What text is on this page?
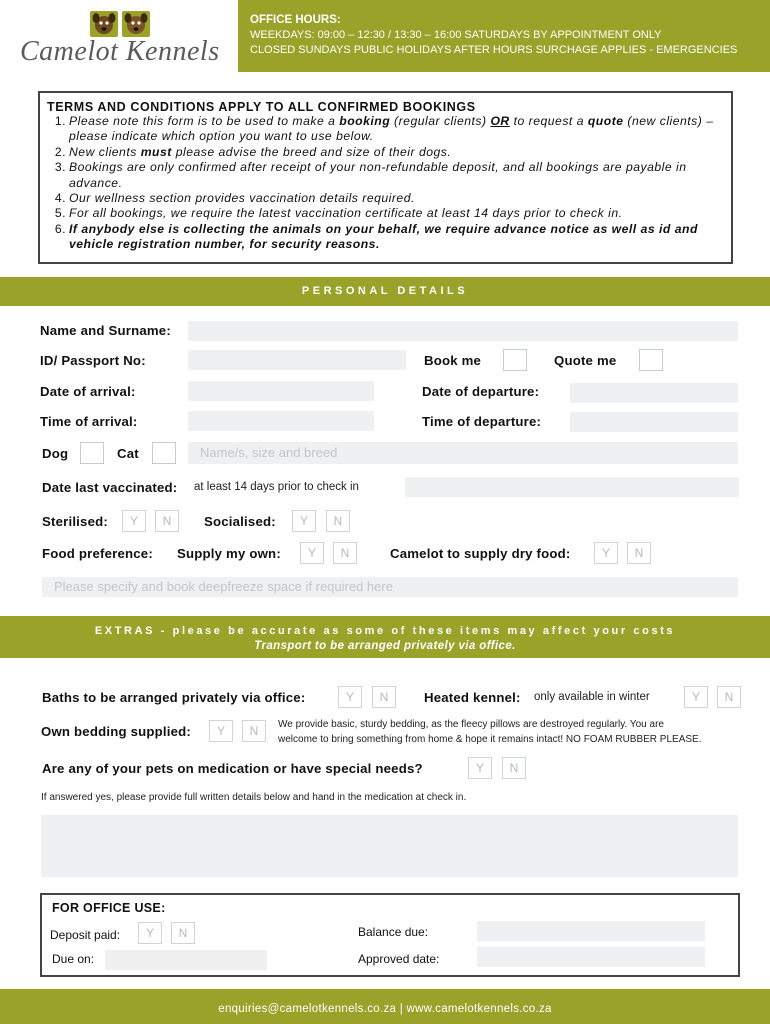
Camelot Kennels
OFFICE HOURS:
WEEKDAYS: 09:00 – 12:30 / 13:30 – 16:00 SATURDAYS BY APPOINTMENT ONLY
CLOSED SUNDAYS PUBLIC HOLIDAYS AFTER HOURS SURCHAGE APPLIES - EMERGENCIES
TERMS AND CONDITIONS APPLY TO ALL CONFIRMED BOOKINGS
1. Please note this form is to be used to make a booking (regular clients) OR to request a quote (new clients) – please indicate which option you want to use below.
2. New clients must please advise the breed and size of their dogs.
3. Bookings are only confirmed after receipt of your non-refundable deposit, and all bookings are payable in advance.
4. Our wellness section provides vaccination details required.
5. For all bookings, we require the latest vaccination certificate at least 14 days prior to check in.
6. If anybody else is collecting the animals on your behalf, we require advance notice as well as id and vehicle registration number, for security reasons.
PERSONAL DETAILS
Name and Surname:
ID/ Passport No:	Book me	Quote me
Date of arrival:	Date of departure:
Time of arrival:	Time of departure:
Dog	Cat	Name/s, size and breed
Date last vaccinated: at least 14 days prior to check in
Sterilised:	Y	N	Socialised:	Y	N
Food preference: Supply my own:	Y	N	Camelot to supply dry food:	Y	N
Please specify and book deepfreeze space if required here
EXTRAS - please be accurate as some of these items may affect your costs
Transport to be arranged privately via office.
Baths to be arranged privately via office:	Y	N	Heated kennel: only available in winter	Y	N
Own bedding supplied:	Y	N	We provide basic, sturdy bedding, as the fleecy pillows are destroyed regularly. You are
welcome to bring something from home & hope it remains intact! NO FOAM RUBBER PLEASE.
Are any of your pets on medication or have special needs?	Y	N
If answered yes, please provide full written details below and hand in the medication at check in.
FOR OFFICE USE:
Deposit paid:	Y	N
Due on:
Balance due:
Approved date:
enquiries@camelotkennels.co.za | www.camelotkennels.co.za
